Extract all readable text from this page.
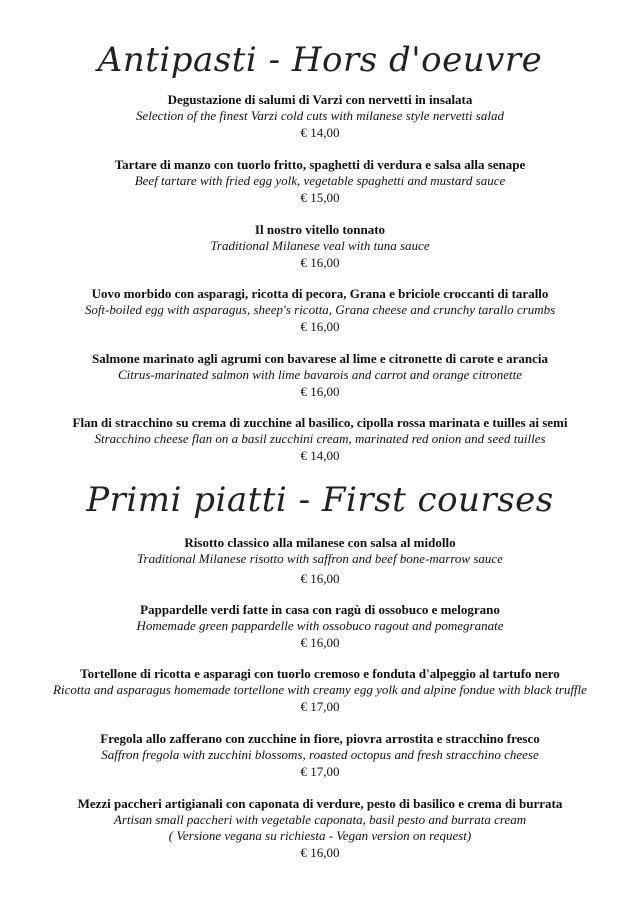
Antipasti - Hors d'oeuvre
Degustazione di salumi di Varzi con nervetti in insalata
Selection of the finest Varzi cold cuts with milanese style nervetti salad
€ 14,00
Tartare di manzo con tuorlo fritto, spaghetti di verdura e salsa alla senape
Beef tartare with fried egg yolk, vegetable spaghetti and mustard sauce
€ 15,00
Il nostro vitello tonnato
Traditional Milanese veal with tuna sauce
€ 16,00
Uovo morbido con asparagi, ricotta di pecora, Grana e briciole croccanti di tarallo
Soft-boiled egg with asparagus, sheep's ricotta, Grana cheese and crunchy tarallo crumbs
€ 16,00
Salmone marinato agli agrumi con bavarese al lime e citronette di carote e arancia
Citrus-marinated salmon with lime bavarois and carrot and orange citronette
€ 16,00
Flan di stracchino su crema di zucchine al basilico, cipolla rossa marinata e tuilles ai semi
Stracchino cheese flan on a basil zucchini cream, marinated red onion and seed tuilles
€ 14,00
Primi piatti - First courses
Risotto classico alla milanese con salsa al midollo
Traditional Milanese risotto with saffron and beef bone-marrow sauce
€ 16,00
Pappardelle verdi fatte in casa con ragù di ossobuco e melograno
Homemade green pappardelle with ossobuco ragout and pomegranate
€ 16,00
Tortellone di ricotta e asparagi con tuorlo cremoso e fonduta d'alpeggio al tartufo nero
Ricotta and asparagus homemade tortellone with creamy egg yolk and alpine fondue with black truffle
€ 17,00
Fregola allo zafferano con zucchine in fiore, piovra arrostita e stracchino fresco
Saffron fregola with zucchini blossoms, roasted octopus and fresh stracchino cheese
€ 17,00
Mezzi paccheri artigianali con caponata di verdure, pesto di basilico e crema di burrata
Artisan small paccheri with vegetable caponata, basil pesto and burrata cream
( Versione vegana su richiesta - Vegan version on request)
€ 16,00
